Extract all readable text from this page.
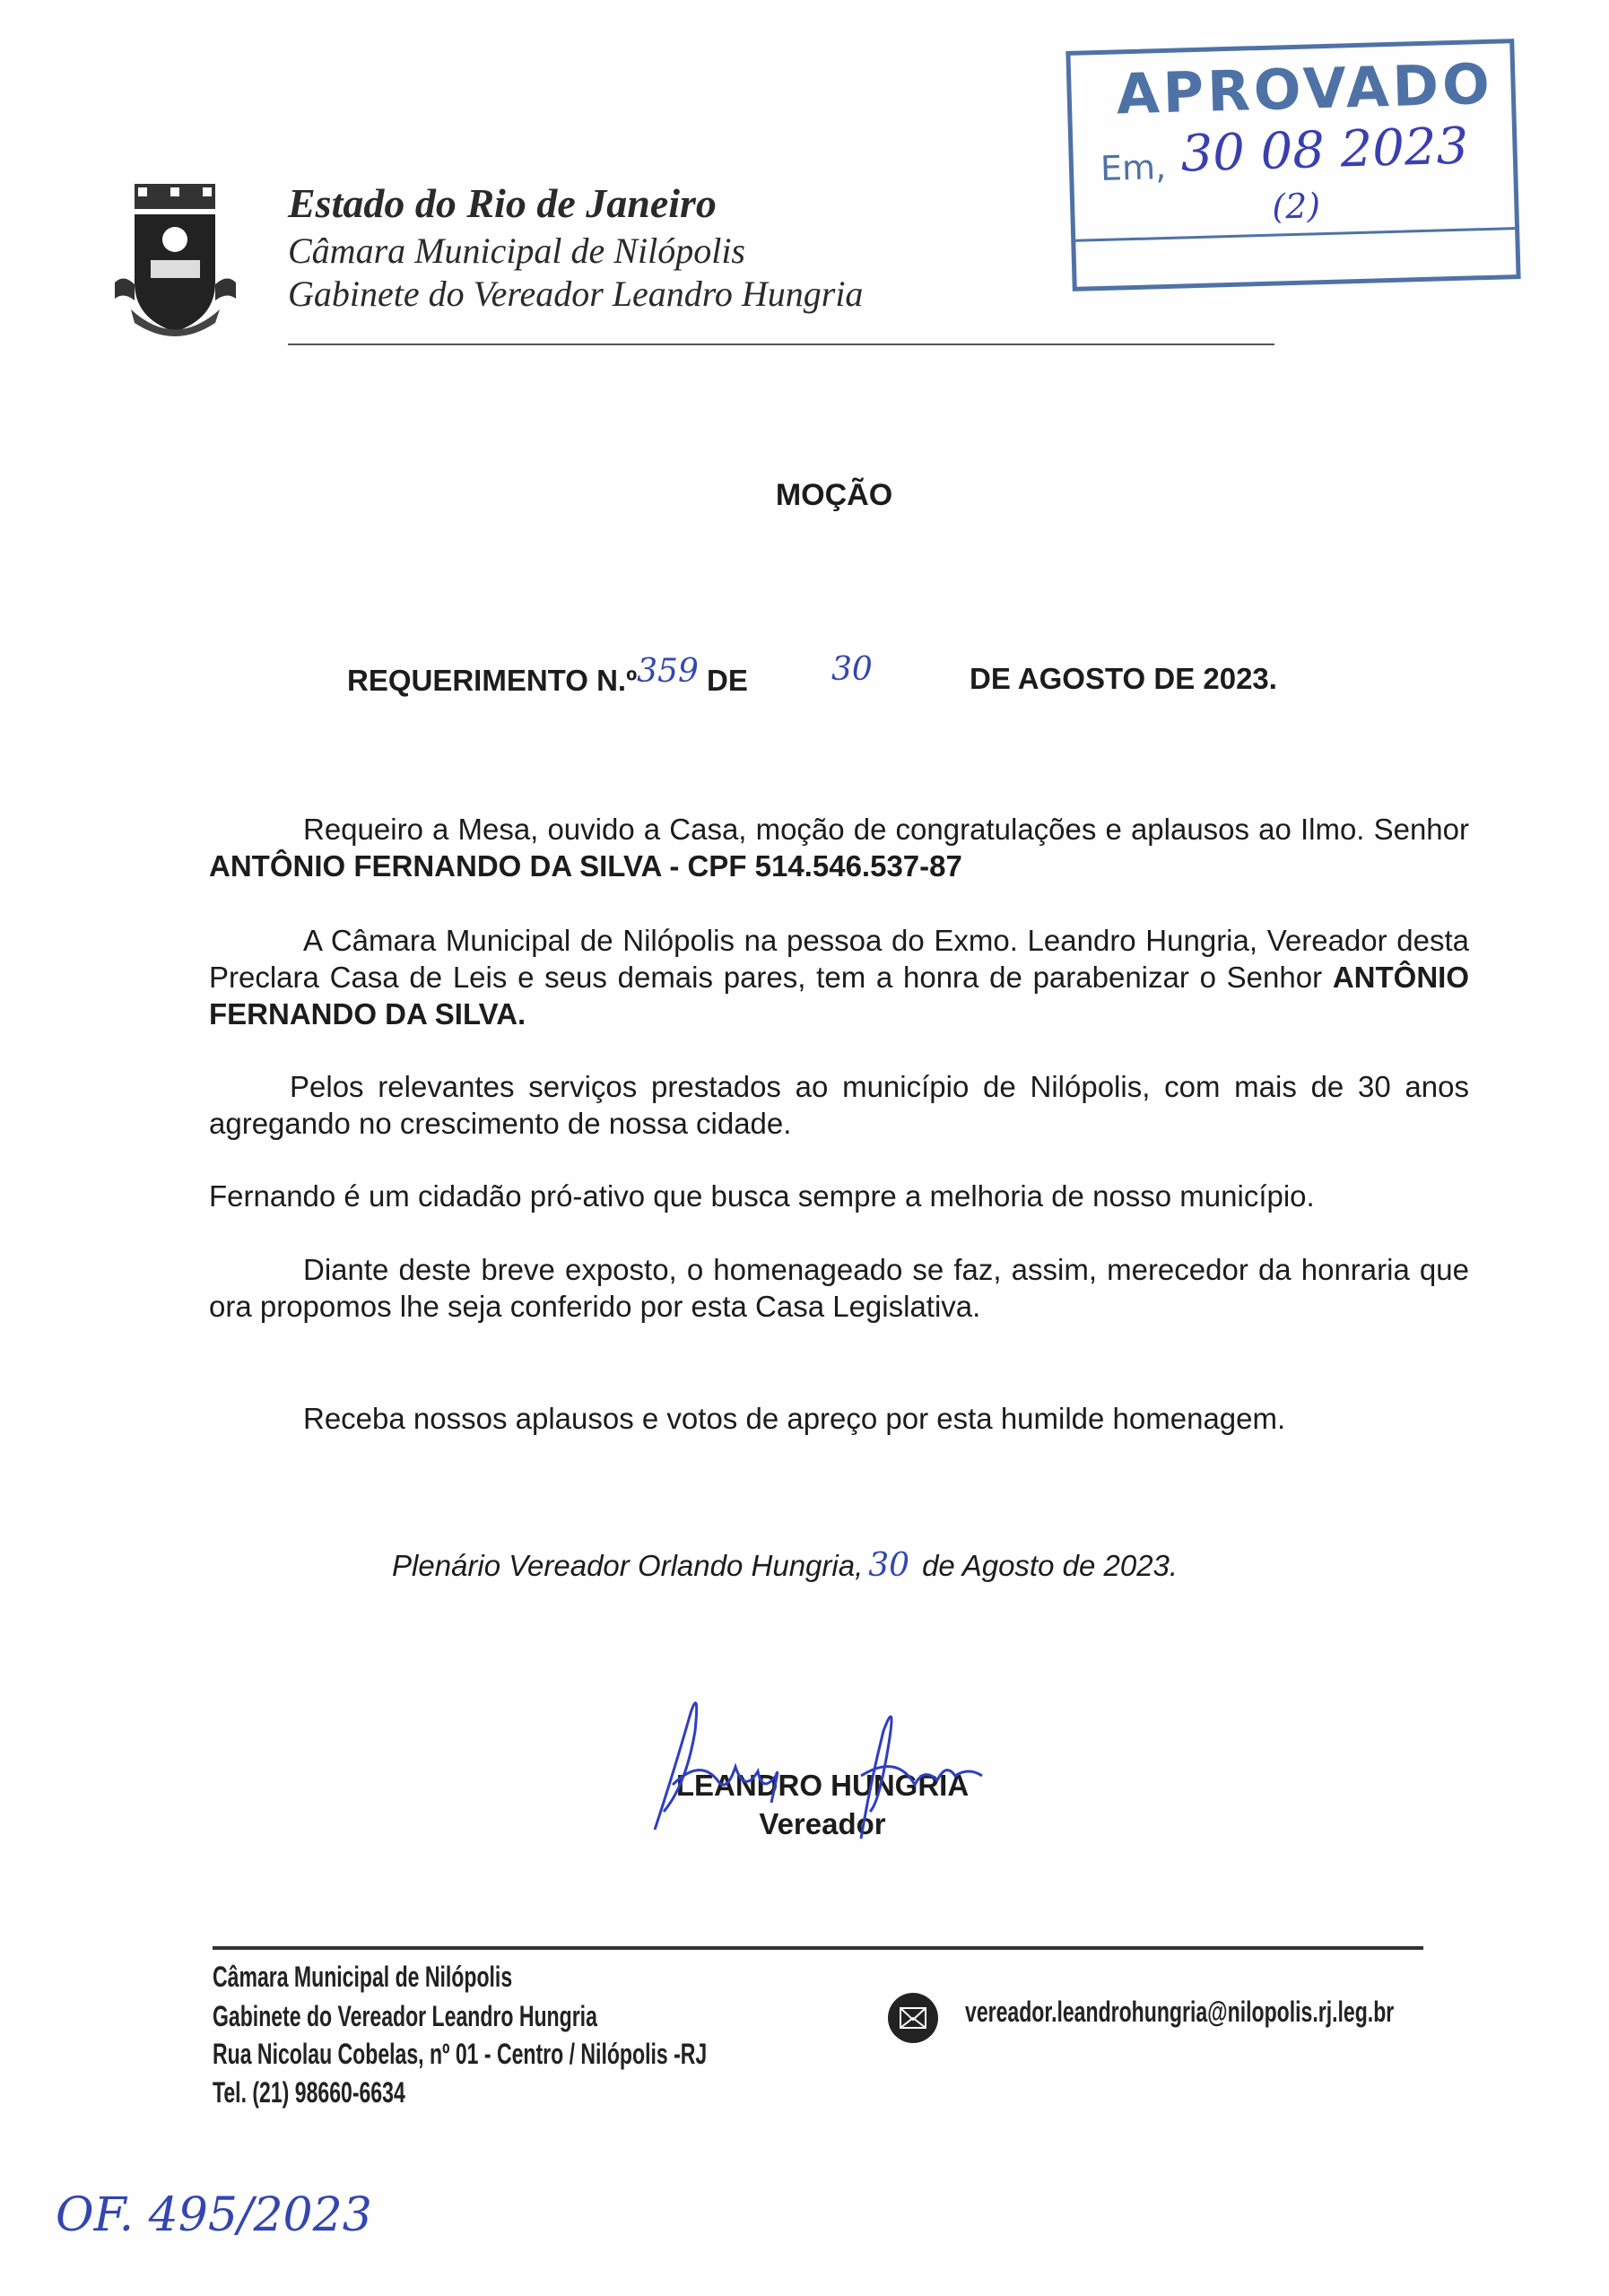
Estado do Rio de Janeiro
Câmara Municipal de Nilópolis
Gabinete do Vereador Leandro Hungria
APROVADO
Em, 30 08 2023
(2)
MOÇÃO
REQUERIMENTO N.º359 DE	30	DE AGOSTO DE 2023.
Requeiro a Mesa, ouvido a Casa, moção de congratulações e aplausos ao Ilmo. Senhor ANTÔNIO FERNANDO DA SILVA - CPF 514.546.537-87
A Câmara Municipal de Nilópolis na pessoa do Exmo. Leandro Hungria, Vereador desta Preclara Casa de Leis e seus demais pares, tem a honra de parabenizar o Senhor ANTÔNIO FERNANDO DA SILVA.
Pelos relevantes serviços prestados ao município de Nilópolis, com mais de 30 anos agregando no crescimento de nossa cidade.
Fernando é um cidadão pró-ativo que busca sempre a melhoria de nosso município.
Diante deste breve exposto, o homenageado se faz, assim, merecedor da honraria que ora propomos lhe seja conferido por esta Casa Legislativa.
Receba nossos aplausos e votos de apreço por esta humilde homenagem.
Plenário Vereador Orlando Hungria, 30 de Agosto de 2023.
LEANDRO HUNGRIA
Vereador
Câmara Municipal de Nilópolis
Gabinete do Vereador Leandro Hungria
Rua Nicolau Cobelas, nº 01 - Centro / Nilópolis -RJ
Tel. (21) 98660-6634
vereador.leandrohungria@nilopolis.rj.leg.br
OF. 495/2023
